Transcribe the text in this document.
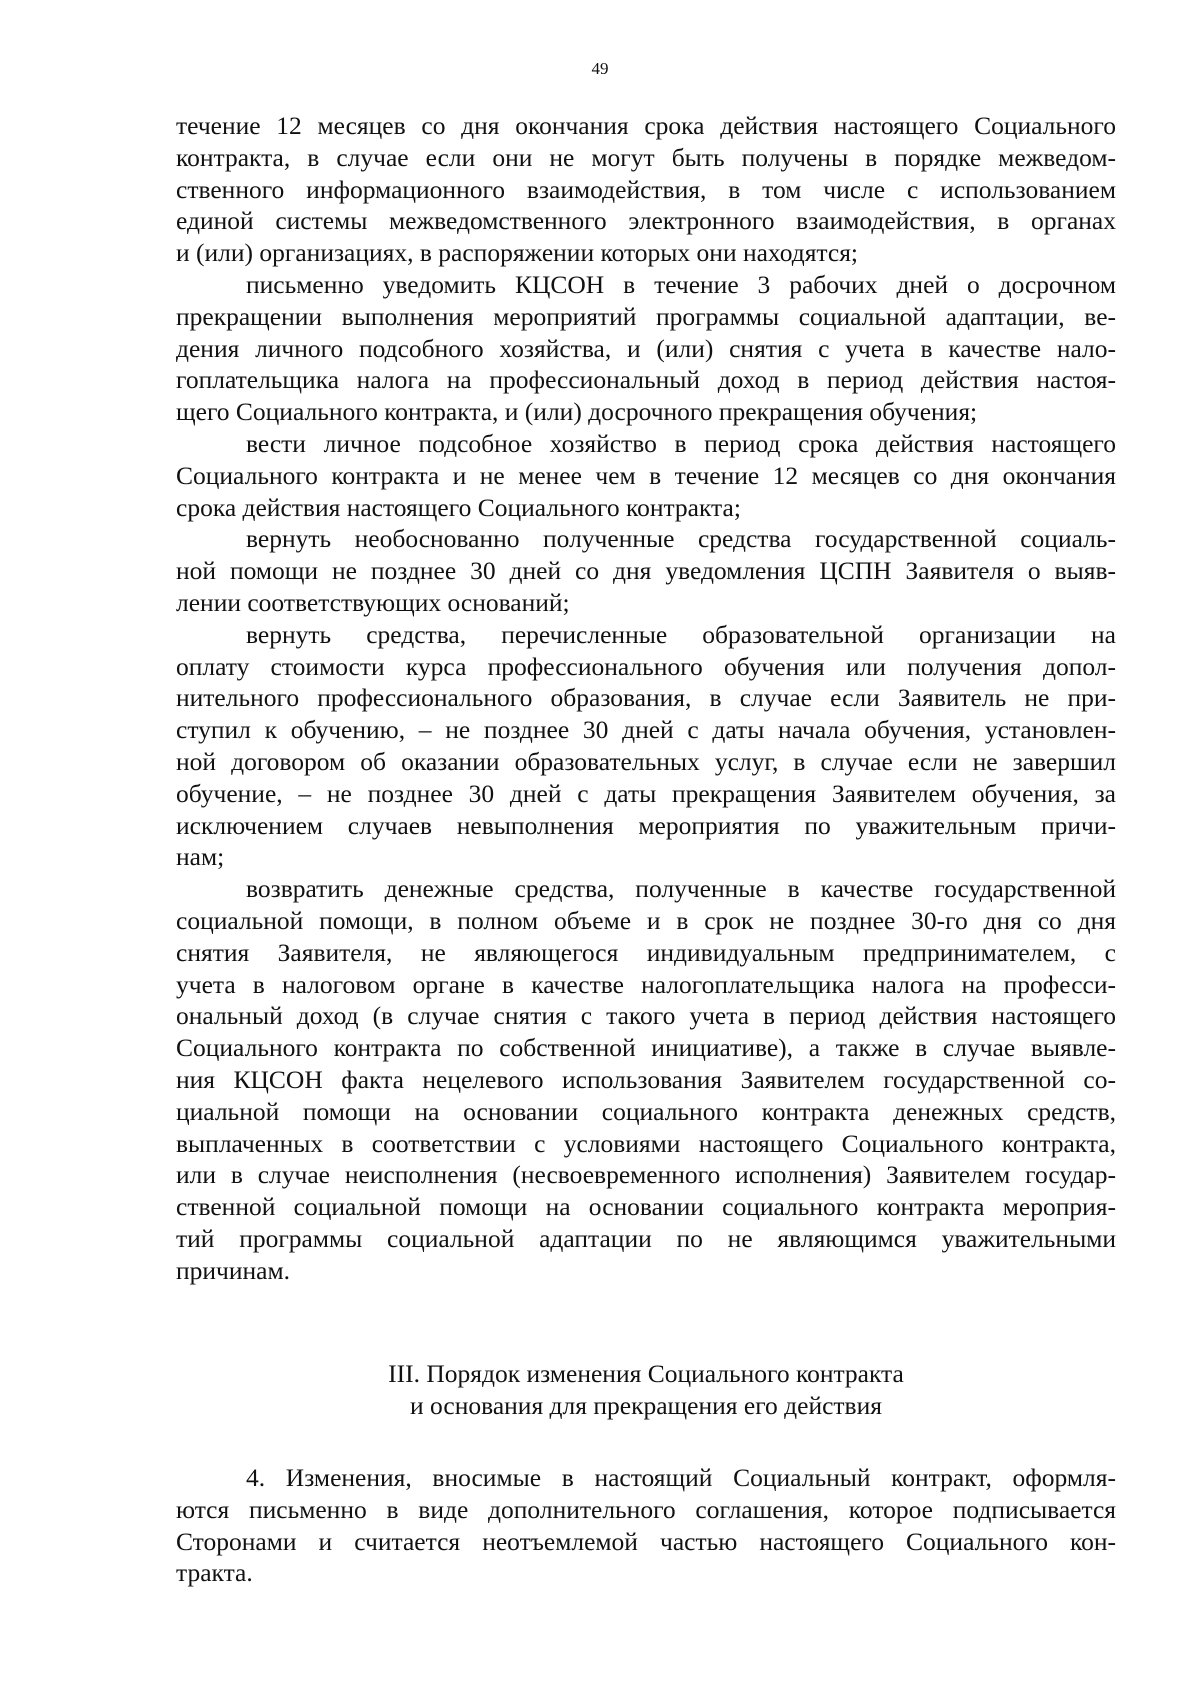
49

течение 12 месяцев со дня окончания срока действия настоящего Социального
контракта, в случае если они не могут быть получены в порядке межведом-
ственного информационного взаимодействия, в том числе с использованием
единой системы межведомственного электронного взаимодействия, в органах
и (или) организациях, в распоряжении которых они находятся;

письменно уведомить КЦСОН в течение 3 рабочих дней о досрочном
прекращении выполнения мероприятий программы социальной адаптации, ве-
дения личного подсобного хозяйства, и (или) снятия с учета в качестве нало-
гоплательщика налога на профессиональный доход в период действия настоя-
щего Социального контракта, и (или) досрочного прекращения обучения;

вести личное подсобное хозяйство в период срока действия настоящего
Социального контракта и не менее чем в течение 12 месяцев со дня окончания
срока действия настоящего Социального контракта;

вернуть необоснованно полученные средства государственной социаль-
ной помощи не позднее 30 дней со дня уведомления ЦСПН Заявителя о выяв-
лении соответствующих оснований;

вернуть средства, перечисленные образовательной организации на
оплату стоимости курса профессионального обучения или получения допол-
нительного профессионального образования, в случае если Заявитель не при-
ступил к обучению, – не позднее 30 дней с даты начала обучения, установлен-
ной договором об оказании образовательных услуг, в случае если не завершил
обучение, – не позднее 30 дней с даты прекращения Заявителем обучения, за
исключением случаев невыполнения мероприятия по уважительным причи-
нам;

возвратить денежные средства, полученные в качестве государственной
социальной помощи, в полном объеме и в срок не позднее 30-го дня со дня
снятия Заявителя, не являющегося индивидуальным предпринимателем, с
учета в налоговом органе в качестве налогоплательщика налога на професси-
ональный доход (в случае снятия с такого учета в период действия настоящего
Социального контракта по собственной инициативе), а также в случае выявле-
ния КЦСОН факта нецелевого использования Заявителем государственной со-
циальной помощи на основании социального контракта денежных средств,
выплаченных в соответствии с условиями настоящего Социального контракта,
или в случае неисполнения (несвоевременного исполнения) Заявителем государ-
ственной социальной помощи на основании социального контракта мероприя-
тий программы социальной адаптации по не являющимся уважительными
причинам.

III. Порядок изменения Социального контракта
и основания для прекращения его действия

4. Изменения, вносимые в настоящий Социальный контракт, оформля-
ются письменно в виде дополнительного соглашения, которое подписывается
Сторонами и считается неотъемлемой частью настоящего Социального кон-
тракта.
